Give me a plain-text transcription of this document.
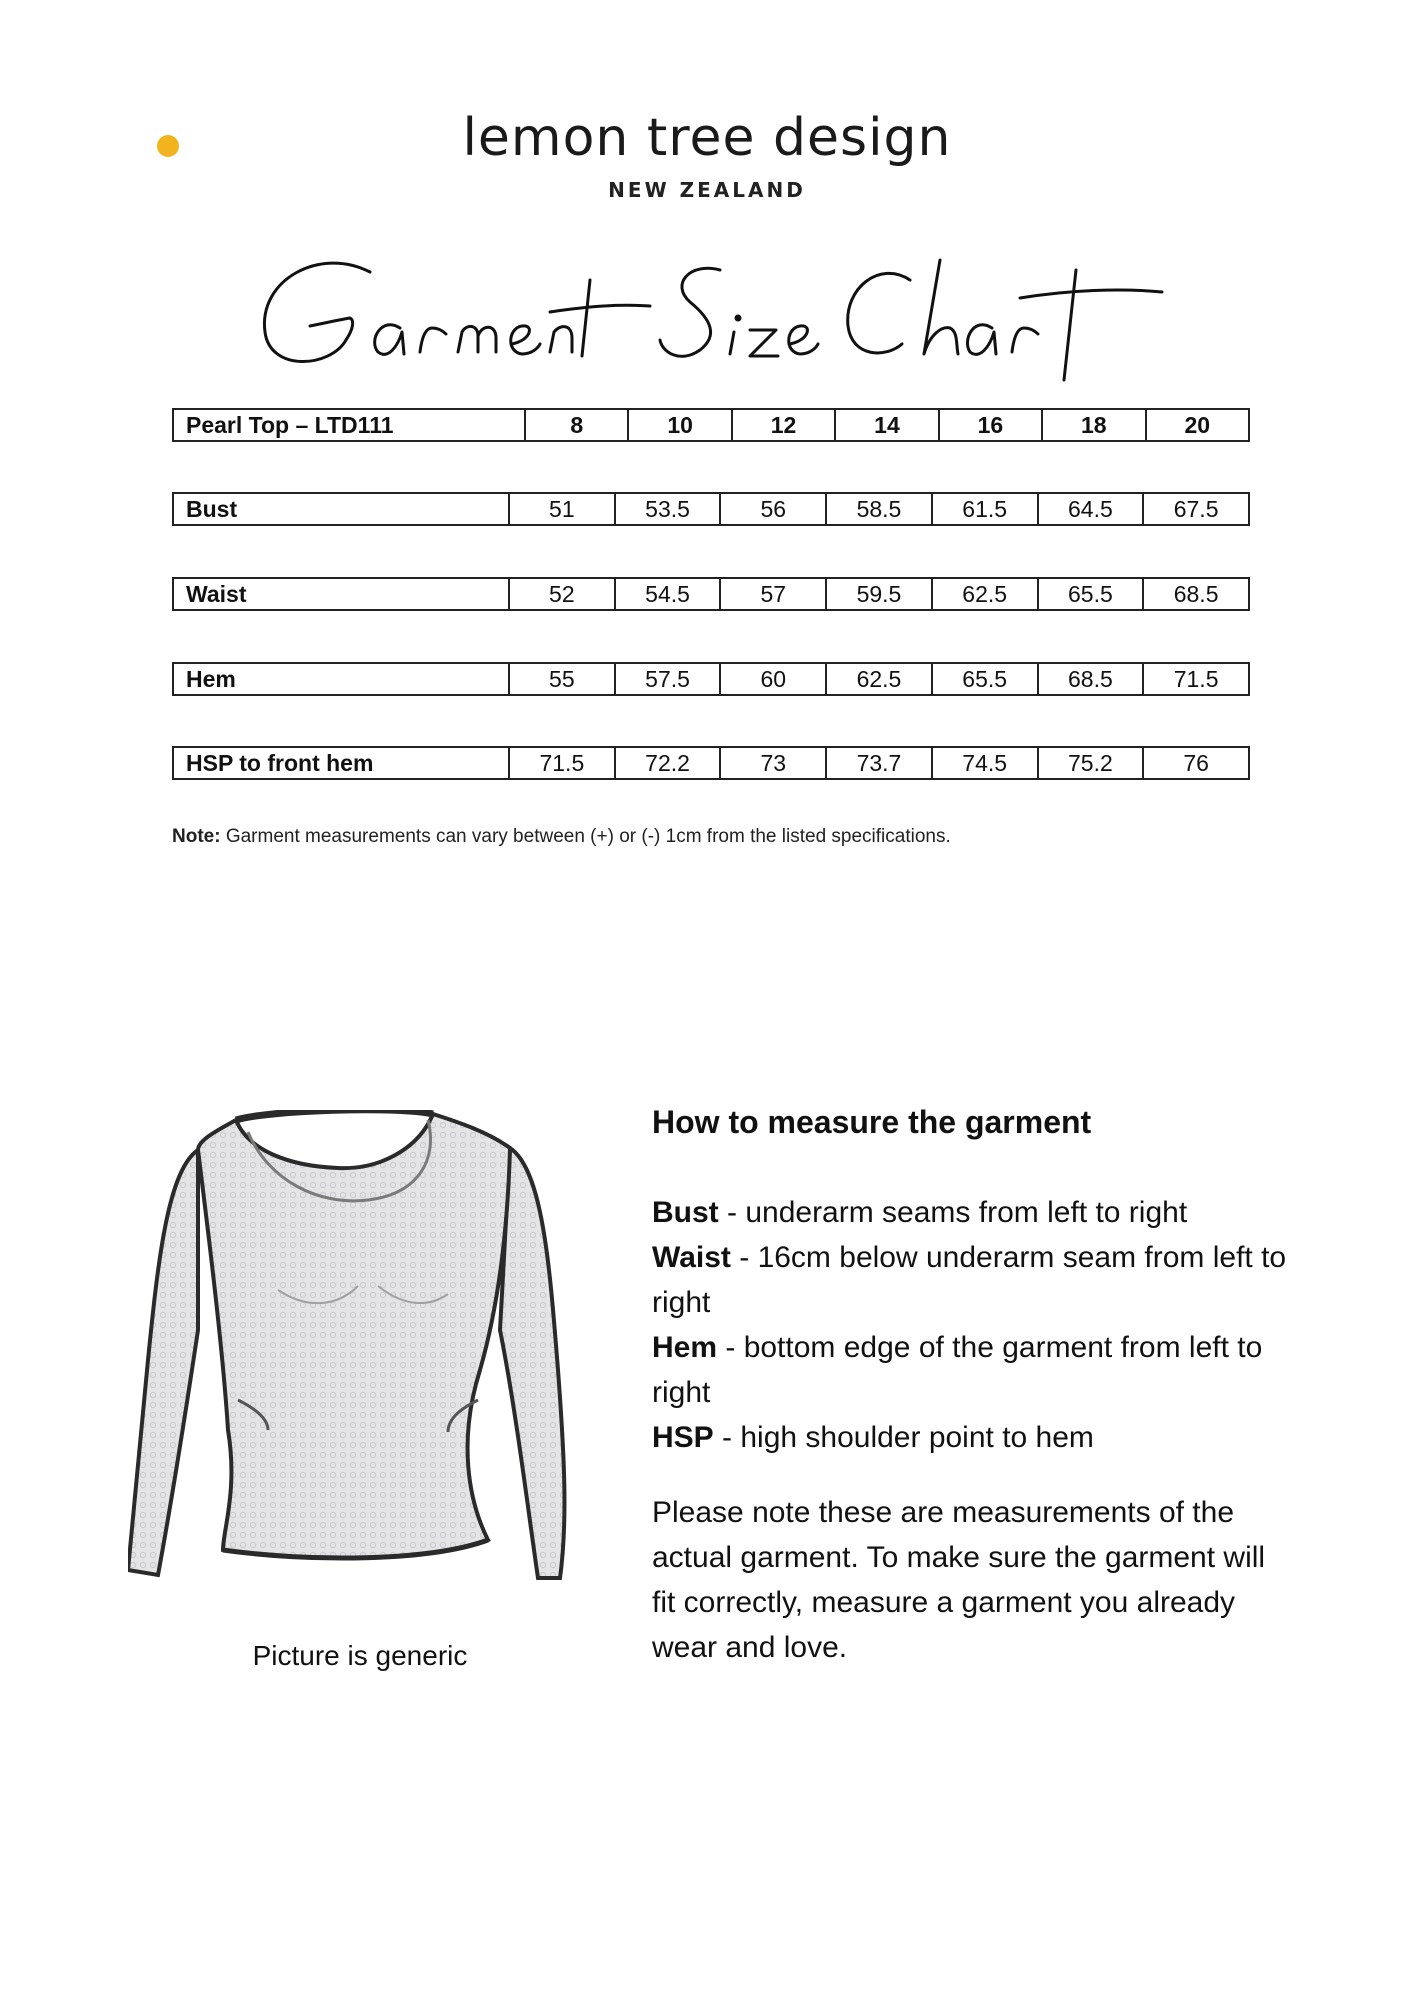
lemon tree design
NEW ZEALAND
Pearl Top – LTD111	8	10	12	14	16	18	20
Bust	51	53.5	56	58.5	61.5	64.5	67.5
Waist	52	54.5	57	59.5	62.5	65.5	68.5
Hem	55	57.5	60	62.5	65.5	68.5	71.5
HSP to front hem	71.5	72.2	73	73.7	74.5	75.2	76
Note: Garment measurements can vary between (+) or (-) 1cm from the listed specifications.
Picture is generic
How to measure the garment
Bust - underarm seams from left to right
Waist - 16cm below underarm seam from left to right
Hem - bottom edge of the garment from left to right
HSP - high shoulder point to hem
Please note these are measurements of the actual garment. To make sure the garment will fit correctly, measure a garment you already wear and love.
